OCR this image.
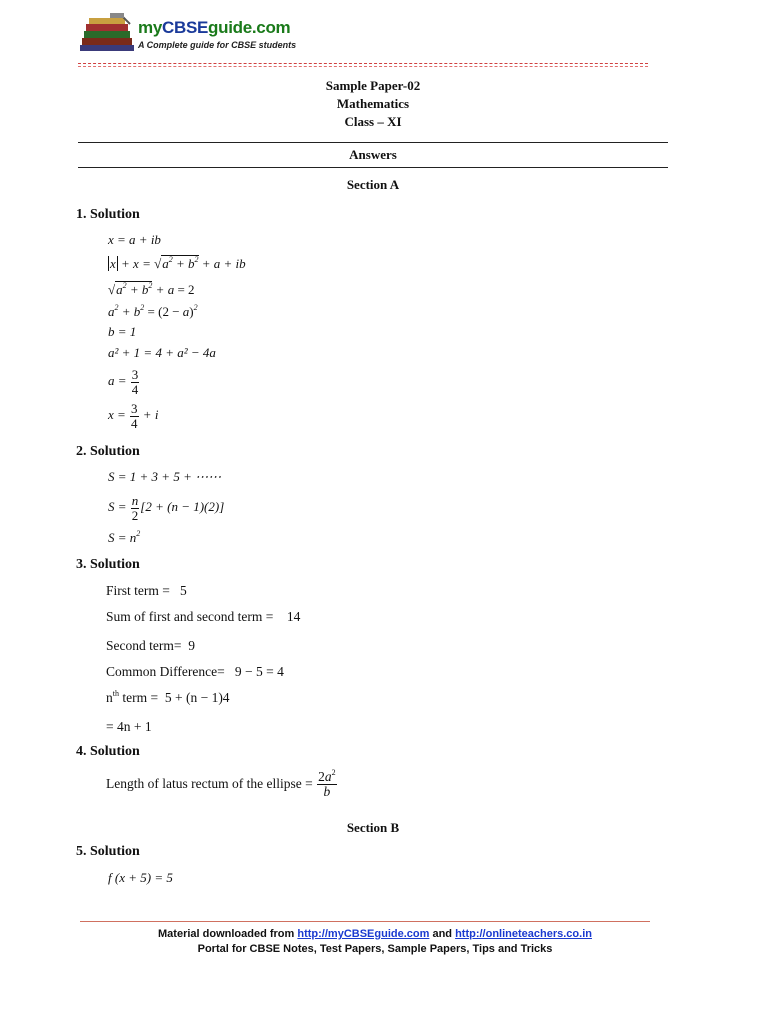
myCBSEguide.com
A Complete guide for CBSE students
Sample Paper-02
Mathematics
Class – XI
Answers
Section A
1. Solution
x = a + ib
$x + x = √a^2 + b^2 + a$ + ib
$√a^2 + b^2 + a = 2$
$a^2 + b^2 = (2 - a)^2$
b = 1
a² + 1 = 4 + a² − 4a
$a = \frac{3}{4}$
$x = \frac{3}{4} + i$
2. Solution
S = 1 + 3 + 5 + ⋯⋯
$S = \frac{n}{2} [2 + (n - 1)(2)]$
$S = n^2$
3. Solution
First term = 5
Sum of first and second term = 14
Second term= 9
Common Difference= 9 − 5 = 4
$n^{th}$ term = 5 + (n − 1)4
= 4n + 1
4. Solution
Length of latus rectum of the ellipse = $\frac{2a^2}{b}$
Section B
5. Solution
f (x + 5) = 5
Material downloaded from http://myCBSEguide.com and http://onlineteachers.co.in
Portal for CBSE Notes, Test Papers, Sample Papers, Tips and Tricks
